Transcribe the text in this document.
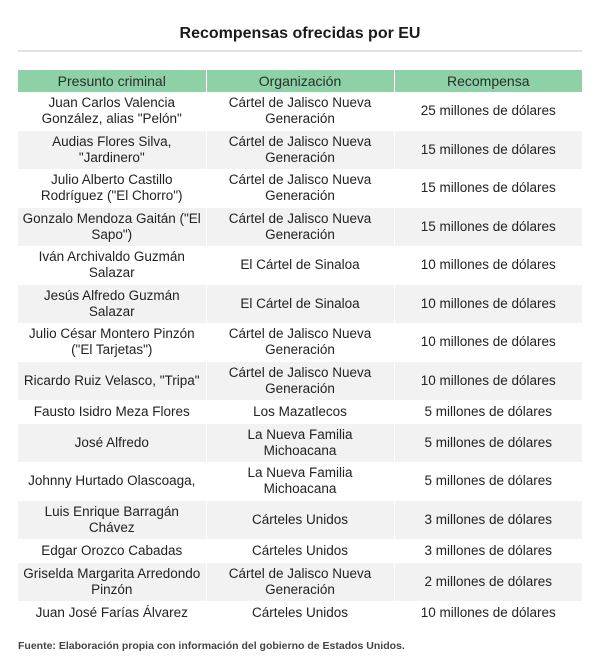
Recompensas ofrecidas por EU
Presunto criminal	Organización	Recompensa
Juan Carlos Valencia González, alias "Pelón"	Cártel de Jalisco Nueva Generación	25 millones de dólares
Audias Flores Silva, "Jardinero"	Cártel de Jalisco Nueva Generación	15 millones de dólares
Julio Alberto Castillo Rodríguez ("El Chorro")	Cártel de Jalisco Nueva Generación	15 millones de dólares
Gonzalo Mendoza Gaitán ("El Sapo")	Cártel de Jalisco Nueva Generación	15 millones de dólares
Iván Archivaldo Guzmán Salazar	El Cártel de Sinaloa	10 millones de dólares
Jesús Alfredo Guzmán Salazar	El Cártel de Sinaloa	10 millones de dólares
Julio César Montero Pinzón ("El Tarjetas")	Cártel de Jalisco Nueva Generación	10 millones de dólares
Ricardo Ruiz Velasco, "Tripa"	Cártel de Jalisco Nueva Generación	10 millones de dólares
Fausto Isidro Meza Flores	Los Mazatlecos	5 millones de dólares
José Alfredo	La Nueva Familia Michoacana	5 millones de dólares
Johnny Hurtado Olascoaga,	La Nueva Familia Michoacana	5 millones de dólares
Luis Enrique Barragán Chávez	Cárteles Unidos	3 millones de dólares
Edgar Orozco Cabadas	Cárteles Unidos	3 millones de dólares
Griselda Margarita Arredondo Pinzón	Cártel de Jalisco Nueva Generación	2 millones de dólares
Juan José Farías Álvarez	Cárteles Unidos	10 millones de dólares
Fuente: Elaboración propia con información del gobierno de Estados Unidos.
